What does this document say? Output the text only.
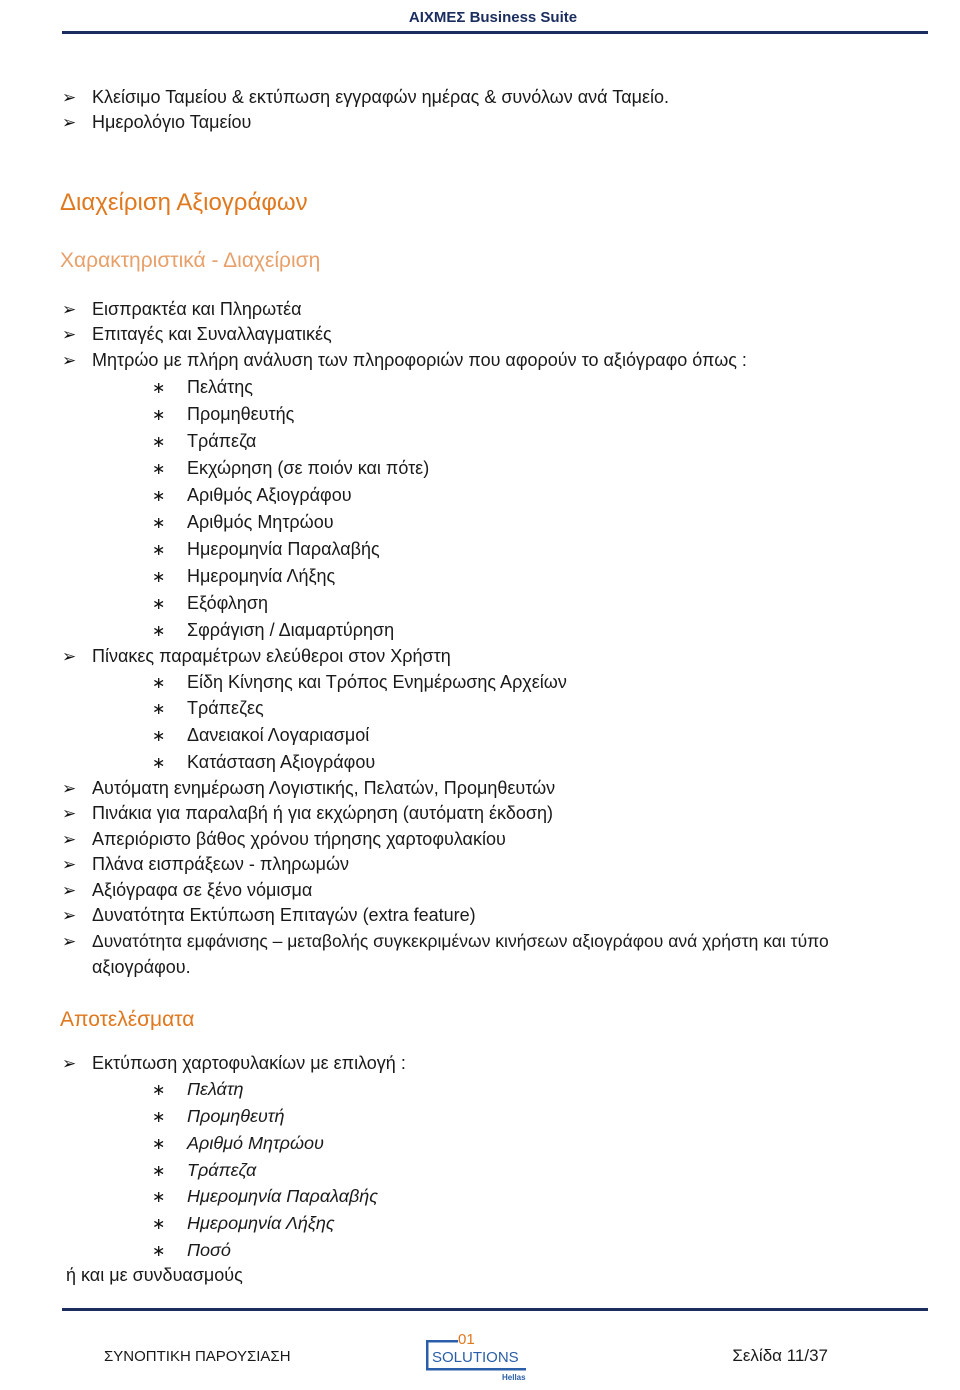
ΑΙΧΜΕΣ Business Suite
➢ Κλείσιμο Ταμείου & εκτύπωση εγγραφών ημέρας & συνόλων ανά Ταμείο.
➢ Ημερολόγιο Ταμείου
Διαχείριση Αξιογράφων
Χαρακτηριστικά - Διαχείριση
➢ Εισπρακτέα και Πληρωτέα
➢ Επιταγές και Συναλλαγματικές
➢ Μητρώο με πλήρη ανάλυση των πληροφοριών που αφορούν το αξιόγραφο όπως :
∗ Πελάτης
∗ Προμηθευτής
∗ Τράπεζα
∗ Εκχώρηση (σε ποιόν και πότε)
∗ Αριθμός Αξιογράφου
∗ Αριθμός Μητρώου
∗ Ημερομηνία Παραλαβής
∗ Ημερομηνία Λήξης
∗ Εξόφληση
∗ Σφράγιση / Διαμαρτύρηση
➢ Πίνακες παραμέτρων ελεύθεροι στον Χρήστη
∗ Είδη Κίνησης και Τρόπος Ενημέρωσης Αρχείων
∗ Τράπεζες
∗ Δανειακοί Λογαριασμοί
∗ Κατάσταση Αξιογράφου
➢ Αυτόματη ενημέρωση Λογιστικής, Πελατών, Προμηθευτών
➢ Πινάκια για παραλαβή ή για εκχώρηση (αυτόματη έκδοση)
➢ Απεριόριστο βάθος χρόνου τήρησης χαρτοφυλακίου
➢ Πλάνα εισπράξεων - πληρωμών
➢ Αξιόγραφα σε ξένο νόμισμα
➢ Δυνατότητα Εκτύπωση Επιταγών (extra feature)
➢ Δυνατότητα εμφάνισης – μεταβολής συγκεκριμένων κινήσεων αξιογράφου ανά χρήστη και τύπο
αξιογράφου.
Αποτελέσματα
➢ Εκτύπωση χαρτοφυλακίων με επιλογή :
∗ Πελάτη
∗ Προμηθευτή
∗ Αριθμό Μητρώου
∗ Τράπεζα
∗ Ημερομηνία Παραλαβής
∗ Ημερομηνία Λήξης
∗ Ποσό
ή και με συνδυασμούς
ΣΥΝΟΠΤΙΚΗ ΠΑΡΟΥΣΙΑΣΗ
01
SOLUTIONS
Hellas
Σελίδα 11/37
